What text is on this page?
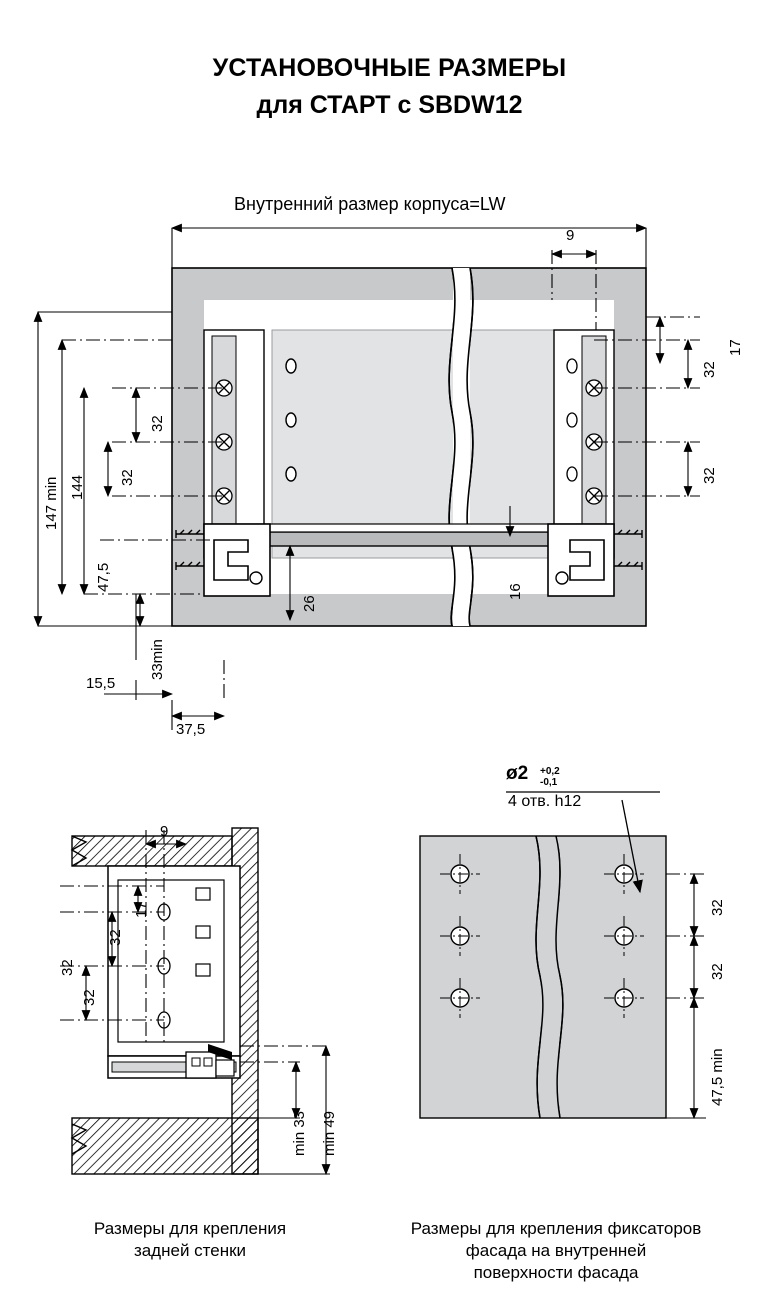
УСТАНОВОЧНЫЕ РАЗМЕРЫ
для СТАРТ с SBDW12
Внутренний размер корпуса=LW
9
17
32
32
147 min 144
32
32
47,5
33min
26
16
15,5
37,5
9
17
32
32
32
min 33 min 49
Размеры для крепления
задней стенки
ø2 +0,2
-0,1
4 отв. h12
32
32
47,5 min
Размеры для крепления фиксаторов
фасада на внутренней
поверхности фасада
